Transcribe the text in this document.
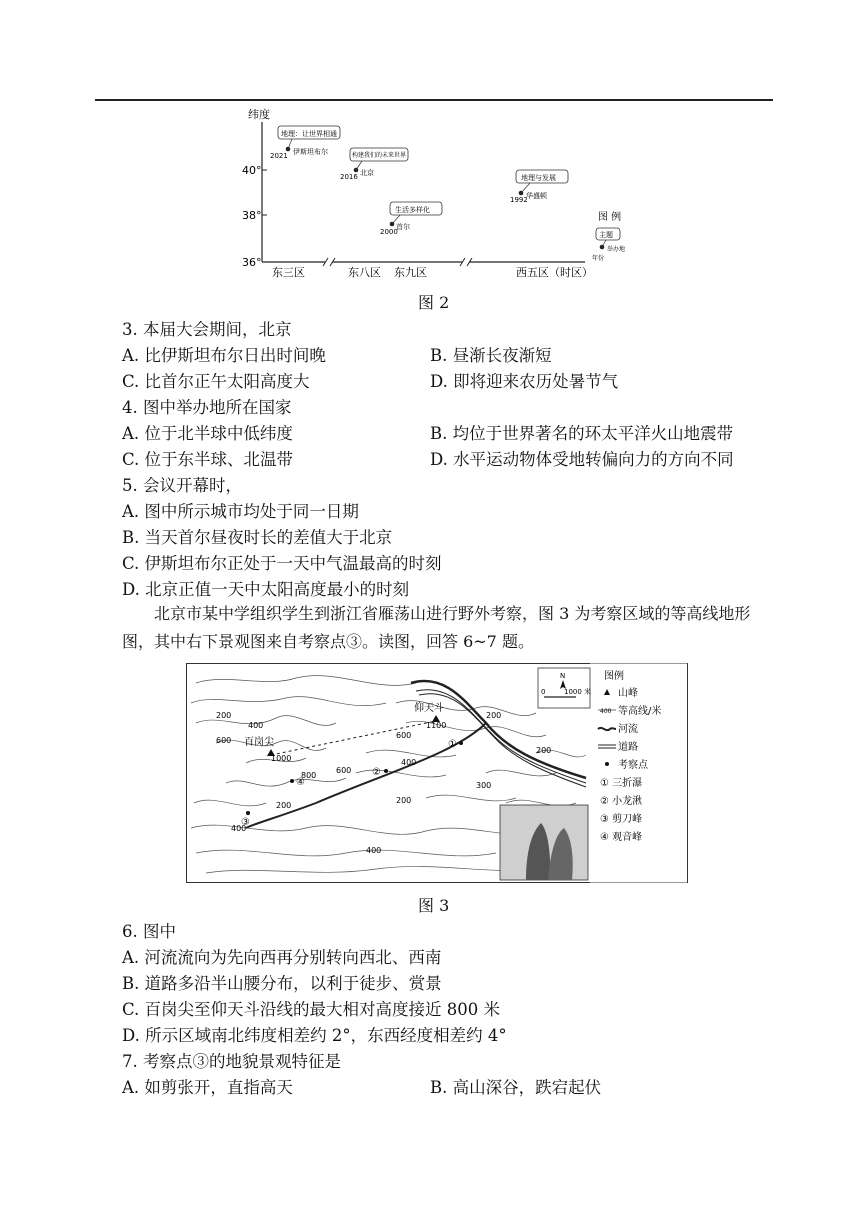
纬度
40°
38°
36°
东三区	东八区 东九区	西五区（时区）
地理：让世界相通
2021 伊斯坦布尔	构建我们的未来世界
2016 北京
生活多样化
2000
首尔
地理与发展
1992
华盛顿
图 例
主题
举办地
年份
图 2
3. 本届大会期间，北京
A. 比伊斯坦布尔日出时间晚	B. 昼渐长夜渐短
C. 比首尔正午太阳高度大	D. 即将迎来农历处暑节气
4. 图中举办地所在国家
A. 位于北半球中低纬度	B. 均位于世界著名的环太平洋火山地震带
C. 位于东半球、北温带	D. 水平运动物体受地转偏向力的方向不同
5. 会议开幕时，
A. 图中所示城市均处于同一日期
B. 当天首尔昼夜时长的差值大于北京
C. 伊斯坦布尔正处于一天中气温最高的时刻
D. 北京正值一天中太阳高度最小的时刻
北京市某中学组织学生到浙江省雁荡山进行野外考察，图 3 为考察区域的等高线地形图，其中右下景观图来自考察点③。读图，回答 6~7 题。
百岗尖
仰天斗
200
400
600
800
1000
1100
600
200
400
200
300
200
600
400
200
400
①
②
③
④
N
0	1000 米
图例
山峰
400 等高线/米
河流
道路
考察点
① 三折瀑
② 小龙湫
③ 剪刀峰
④ 观音峰
图 3
6. 图中
A. 河流流向为先向西再分别转向西北、西南
B. 道路多沿半山腰分布，以利于徒步、赏景
C. 百岗尖至仰天斗沿线的最大相对高度接近 800 米
D. 所示区域南北纬度相差约 2°，东西经度相差约 4°
7. 考察点③的地貌景观特征是
A. 如剪张开，直指高天	B. 高山深谷，跌宕起伏
